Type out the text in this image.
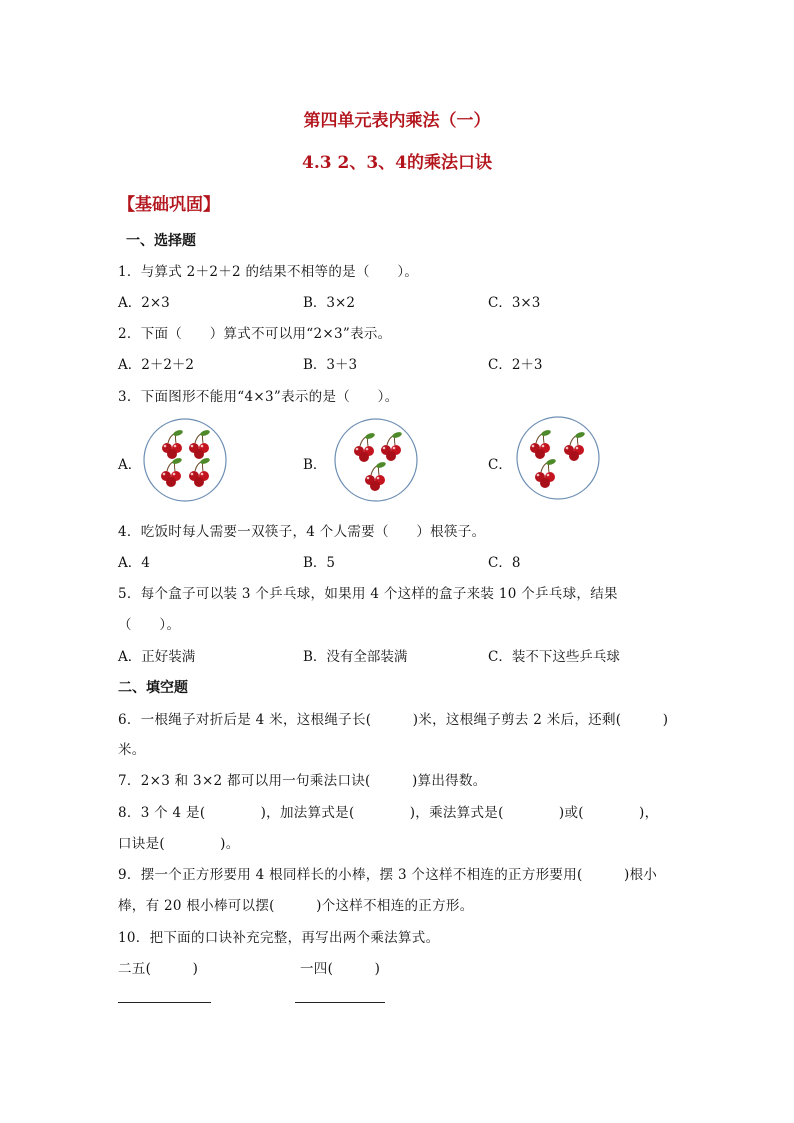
第四单元表内乘法（一）
4.3 2、3、4的乘法口诀
【基础巩固】
一、选择题
1．与算式 2＋2＋2 的结果不相等的是（　　）。
A．2×3	B．3×2	C．3×3
2．下面（　　）算式不可以用“2×3”表示。
A．2＋2＋2	B．3＋3	C．2＋3
3．下面图形不能用“4×3”表示的是（　　）。
A．	B．	C．
4．吃饭时每人需要一双筷子，4 个人需要（　　）根筷子。
A．4	B．5	C．8
5．每个盒子可以装 3 个乒乓球，如果用 4 个这样的盒子来装 10 个乒乓球，结果
（　　）。
A．正好装满	B．没有全部装满	C．装不下这些乒乓球
二、填空题
6．一根绳子对折后是 4 米，这根绳子长(　　　)米，这根绳子剪去 2 米后，还剩(　　　)
米。
7．2×3 和 3×2 都可以用一句乘法口诀(　　　)算出得数。
8．3 个 4 是(　　　　)，加法算式是(　　　　)，乘法算式是(　　　　)或(　　　　)，
口诀是(　　　　)。
9．摆一个正方形要用 4 根同样长的小棒，摆 3 个这样不相连的正方形要用(　　　)根小
棒，有 20 根小棒可以摆(　　　)个这样不相连的正方形。
10．把下面的口诀补充完整，再写出两个乘法算式。
二五(　　　)	一四(　　　)
